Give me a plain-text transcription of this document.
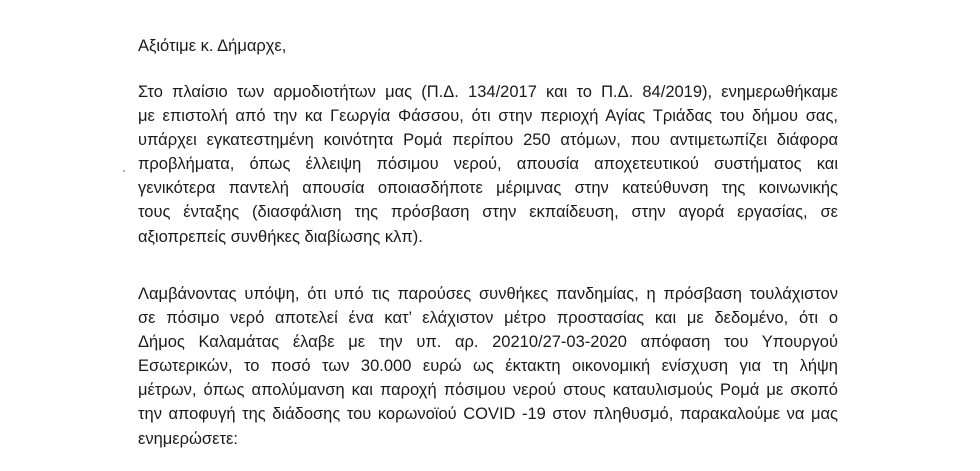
Αξιότιμε κ. Δήμαρχε,

Στο πλαίσιο των αρμοδιοτήτων μας (Π.Δ. 134/2017 και το Π.Δ. 84/2019), ενημερωθήκαμε
με επιστολή από την κα Γεωργία Φάσσου, ότι στην περιοχή Αγίας Τριάδας του δήμου σας,
υπάρχει εγκατεστημένη κοινότητα Ρομά περίπου 250 ατόμων, που αντιμετωπίζει διάφορα
προβλήματα, όπως έλλειψη πόσιμου νερού, απουσία αποχετευτικού συστήματος και
γενικότερα παντελή απουσία οποιασδήποτε μέριμνας στην κατεύθυνση της κοινωνικής
τους ένταξης (διασφάλιση της πρόσβαση στην εκπαίδευση, στην αγορά εργασίας, σε
αξιοπρεπείς συνθήκες διαβίωσης κλπ).

Λαμβάνοντας υπόψη, ότι υπό τις παρούσες συνθήκες πανδημίας, η πρόσβαση τουλάχιστον
σε πόσιμο νερό αποτελεί ένα κατ’ ελάχιστον μέτρο προστασίας και με δεδομένο, ότι ο
Δήμος Καλαμάτας έλαβε με την υπ. αρ. 20210/27-03-2020 απόφαση του Υπουργού
Εσωτερικών, το ποσό των 30.000 ευρώ ως έκτακτη οικονομική ενίσχυση για τη λήψη
μέτρων, όπως απολύμανση και παροχή πόσιμου νερού στους καταυλισμούς Ρομά με σκοπό
την αποφυγή της διάδοσης του κορωνοϊού COVID -19 στον πληθυσμό, παρακαλούμε να μας
ενημερώσετε:
